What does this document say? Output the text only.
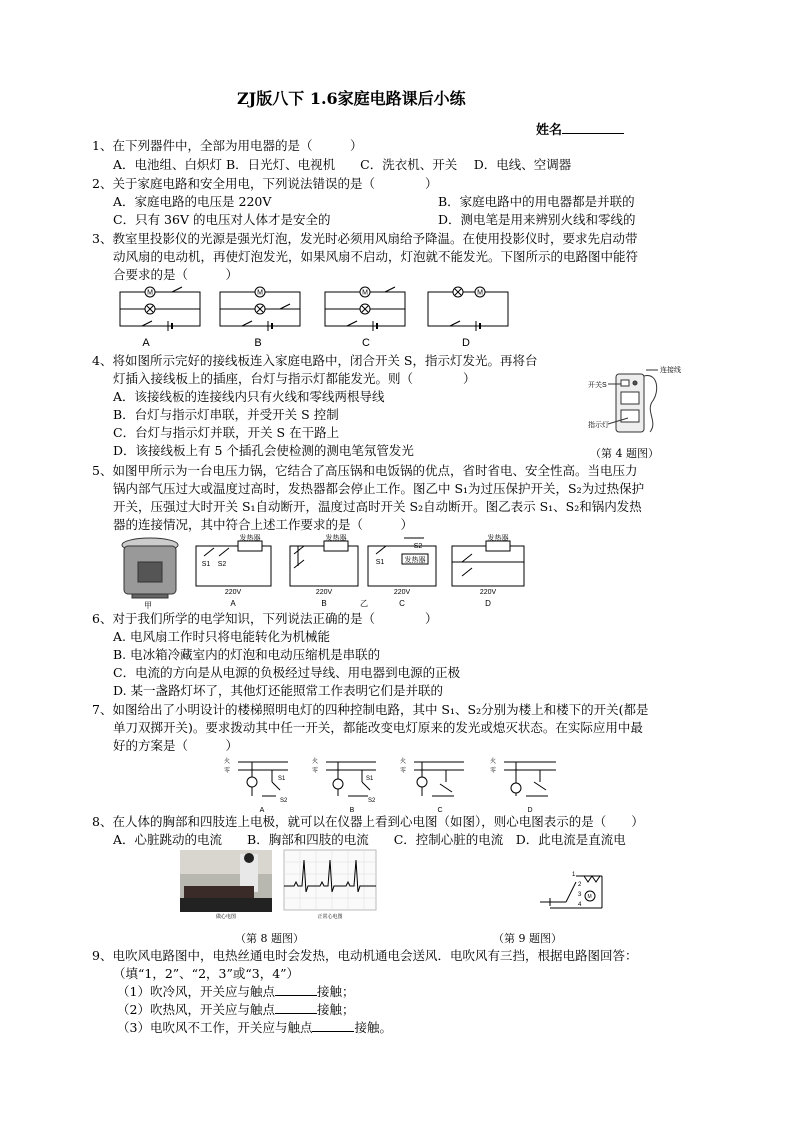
ZJ版八下 1.6家庭电路课后小练
姓名
1、在下列器件中，全部为用电器的是（　　　）
A．电池组、白炽灯 B．日光灯、电视机　　C．洗衣机、开关　 D．电线、空调器
2、关于家庭电路和安全用电，下列说法错误的是（　　　　）
A．家庭电路的电压是 220V	B．家庭电路中的用电器都是并联的
C．只有 36V 的电压对人体才是安全的	D．测电笔是用来辨别火线和零线的
3、教室里投影仪的光源是强光灯泡，发光时必须用风扇给予降温。在使用投影仪时，要求先启动带
动风扇的电动机，再使灯泡发光，如果风扇不启动，灯泡就不能发光。下图所示的电路图中能符
合要求的是（　　　）
M	M	M	M
A	B	C	D
4、将如图所示完好的接线板连入家庭电路中，闭合开关 S，指示灯发光。再将台
灯插入接线板上的插座，台灯与指示灯都能发光。则（　　　　）
A．该接线板的连接线内只有火线和零线两根导线
B．台灯与指示灯串联，并受开关 S 控制
C．台灯与指示灯并联，开关 S 在干路上
D．该接线板上有 5 个插孔会使检测的测电笔氖管发光
连接线
开关S
指示灯
（第 4 题图）
5、如图甲所示为一台电压力锅，它结合了高压锅和电饭锅的优点，省时省电、安全性高。当电压力
锅内部气压过大或温度过高时，发热器都会停止工作。图乙中 S₁为过压保护开关，S₂为过热保护
开关，压强过大时开关 S₁自动断开，温度过高时开关 S₂自动断开。图乙表示 S₁、S₂和锅内发热
器的连接情况，其中符合上述工作要求的是（　　　）
甲
发热器	发热器
发热器
发热器
220V	220V	220V	220V
S1 S2	S1
S2
A	B	C	D
乙
6、对于我们所学的电学知识，下列说法正确的是（　　　　）
A. 电风扇工作时只将电能转化为机械能
B. 电冰箱冷藏室内的灯泡和电动压缩机是串联的
C．电流的方向是从电源的负极经过导线、用电器到电源的正极
D. 某一盏路灯坏了，其他灯还能照常工作表明它们是并联的
7、如图给出了小明设计的楼梯照明电灯的四种控制电路，其中 S₁、S₂分别为楼上和楼下的开关(都是
单刀双掷开关)。要求拨动其中任一开关，都能改变电灯原来的发光或熄灭状态。在实际应用中最
好的方案是（　　　）
火
零
火
零
火
零
火
零
S1
S2
S1
S2
A	B	C	D
8、在人体的胸部和四肢连上电极，就可以在仪器上看到心电图（如图），则心电图表示的是（　　）
A．心脏跳动的电流　　B．胸部和四肢的电流　　C．控制心脏的电流　D．此电流是直流电
做心电图	正常心电图
1
2
3
4
M
（第 8 题图）	（第 9 题图）
9、电吹风电路图中，电热丝通电时会发热，电动机通电会送风．电吹风有三挡，根据电路图回答：
（填“1，2”、“2，3”或“3，4”）
（1）吹冷风，开关应与触点	接触；
（2）吹热风，开关应与触点	接触；
（3）电吹风不工作，开关应与触点	接触。
